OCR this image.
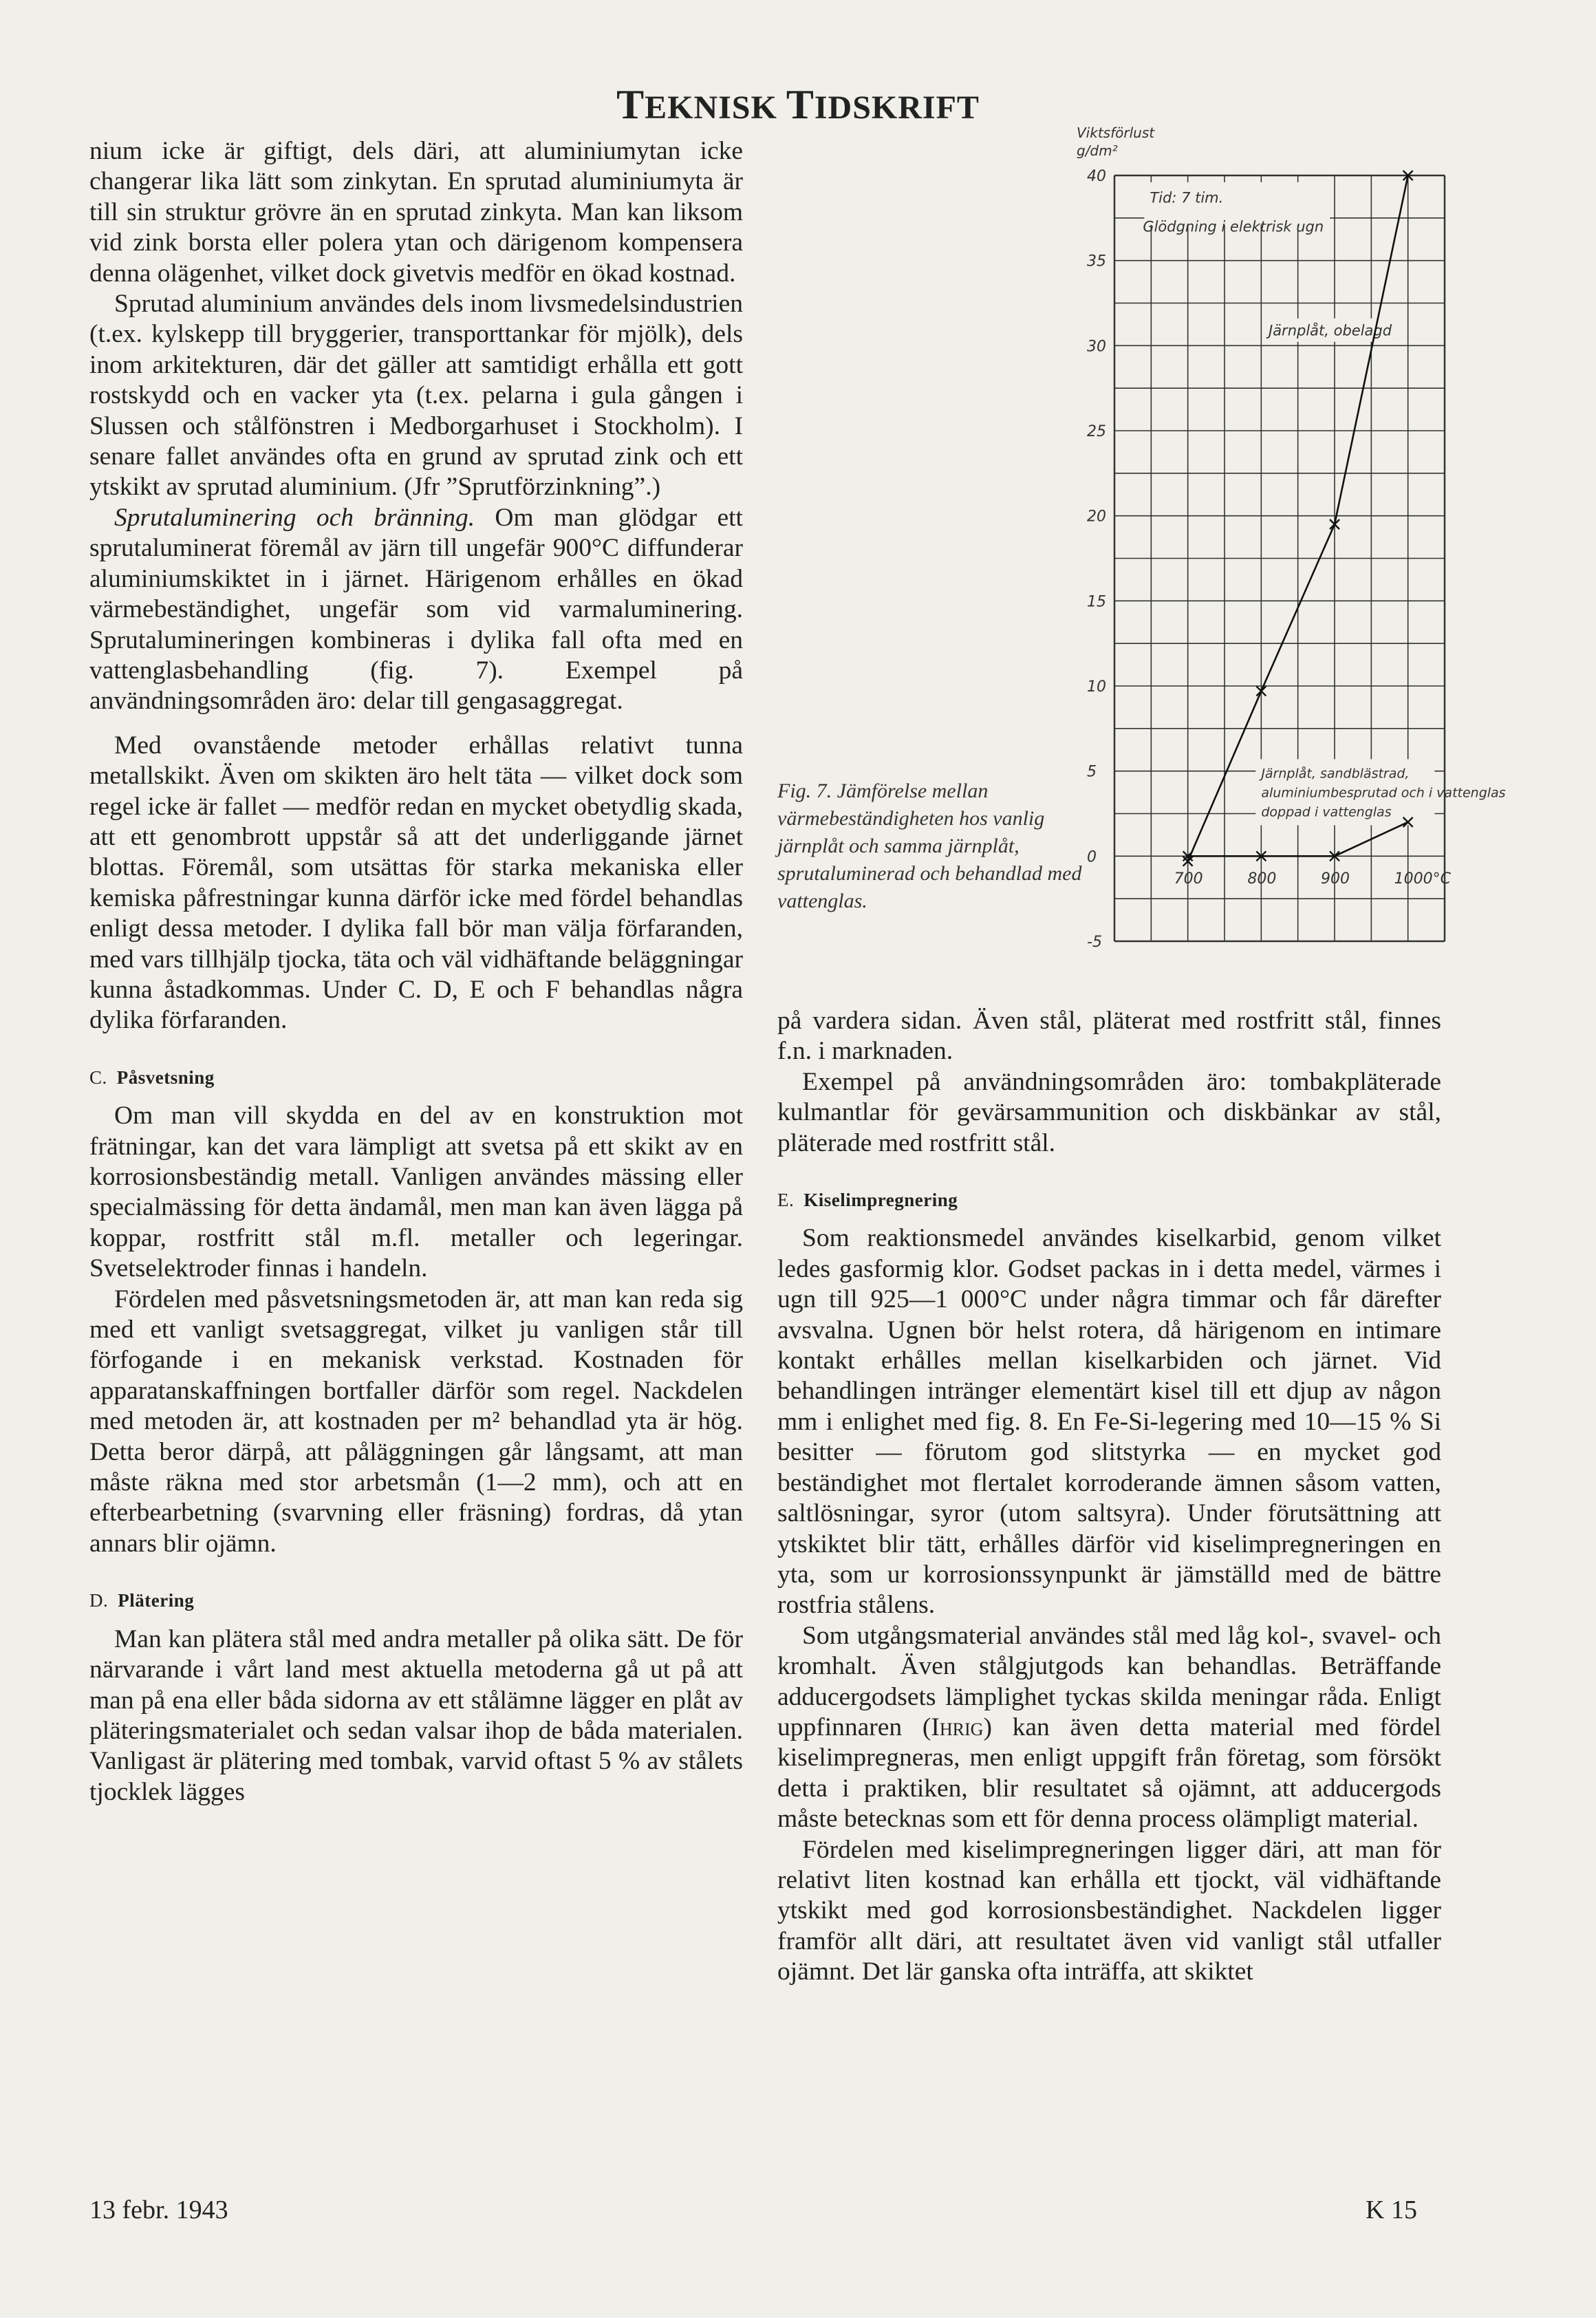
TEKNISK TIDSKRIFT

nium icke är giftigt, dels däri, att aluminiumytan icke changerar lika lätt som zinkytan. En sprutad aluminiumyta är till sin struktur grövre än en sprutad zinkyta. Man kan liksom vid zink borsta eller polera ytan och därigenom kompensera denna olägenhet, vilket dock givetvis medför en ökad kostnad.

Sprutad aluminium användes dels inom livsmedelsindustrien (t.ex. kylskepp till bryggerier, transporttankar för mjölk), dels inom arkitekturen, där det gäller att samtidigt erhålla ett gott rostskydd och en vacker yta (t.ex. pelarna i gula gången i Slussen och stålfönstren i Medborgarhuset i Stockholm). I senare fallet användes ofta en grund av sprutad zink och ett ytskikt av sprutad aluminium. (Jfr ”Sprutförzinkning”.)

Sprutaluminering och bränning. Om man glödgar ett sprutaluminerat föremål av järn till ungefär 900°C diffunderar aluminiumskiktet in i järnet. Härigenom erhålles en ökad värmebeständighet, ungefär som vid varmaluminering. Sprutalumineringen kombineras i dylika fall ofta med en vattenglasbehandling (fig. 7). Exempel på användningsområden äro: delar till gengasaggregat.

Med ovanstående metoder erhållas relativt tunna metallskikt. Även om skikten äro helt täta — vilket dock som regel icke är fallet — medför redan en mycket obetydlig skada, att ett genombrott uppstår så att det underliggande järnet blottas. Föremål, som utsättas för starka mekaniska eller kemiska påfrestningar kunna därför icke med fördel behandlas enligt dessa metoder. I dylika fall bör man välja förfaranden, med vars tillhjälp tjocka, täta och väl vidhäftande beläggningar kunna åstadkommas. Under C. D, E och F behandlas några dylika förfaranden.

C. Påsvetsning

Om man vill skydda en del av en konstruktion mot frätningar, kan det vara lämpligt att svetsa på ett skikt av en korrosionsbeständig metall. Vanligen användes mässing eller specialmässing för detta ändamål, men man kan även lägga på koppar, rostfritt stål m.fl. metaller och legeringar. Svetselektroder finnas i handeln.

Fördelen med påsvetsningsmetoden är, att man kan reda sig med ett vanligt svetsaggregat, vilket ju vanligen står till förfogande i en mekanisk verkstad. Kostnaden för apparatanskaffningen bortfaller därför som regel. Nackdelen med metoden är, att kostnaden per m² behandlad yta är hög. Detta beror därpå, att påläggningen går långsamt, att man måste räkna med stor arbetsmån (1—2 mm), och att en efterbearbetning (svarvning eller fräsning) fordras, då ytan annars blir ojämn.

D. Plätering

Man kan plätera stål med andra metaller på olika sätt. De för närvarande i vårt land mest aktuella metoderna gå ut på att man på ena eller båda sidorna av ett stålämne lägger en plåt av pläteringsmaterialet och sedan valsar ihop de båda materialen. Vanligast är plätering med tombak, varvid oftast 5 % av stålets tjocklek lägges

40
35
30
25
20
15
10
5
0
-5
700	800	900	1000°C
Viktsförlust
g/dm²
Tid: 7 tim.
Glödgning i elektrisk ugn
Järnplåt, obelagd
Järnplåt, sandblästrad,
aluminiumbesprutad och i vattenglas
doppad i vattenglas
Fig. 7. Jämförelse mellan värmebeständigheten hos vanlig järnplåt och samma järnplåt, sprutaluminerad och behandlad med vattenglas.

på vardera sidan. Även stål, pläterat med rostfritt stål, finnes f.n. i marknaden.

Exempel på användningsområden äro: tombakpläterade kulmantlar för gevärsammunition och diskbänkar av stål, pläterade med rostfritt stål.

E. Kiselimpregnering

Som reaktionsmedel användes kiselkarbid, genom vilket ledes gasformig klor. Godset packas in i detta medel, värmes i ugn till 925—1 000°C under några timmar och får därefter avsvalna. Ugnen bör helst rotera, då härigenom en intimare kontakt erhålles mellan kiselkarbiden och järnet. Vid behandlingen intränger elementärt kisel till ett djup av någon mm i enlighet med fig. 8. En Fe-Si-legering med 10—15 % Si besitter — förutom god slitstyrka — en mycket god beständighet mot flertalet korroderande ämnen såsom vatten, saltlösningar, syror (utom saltsyra). Under förutsättning att ytskiktet blir tätt, erhålles därför vid kiselimpregneringen en yta, som ur korrosionssynpunkt är jämställd med de bättre rostfria stålens.

Som utgångsmaterial användes stål med låg kol-, svavel- och kromhalt. Även stålgjutgods kan behandlas. Beträffande adducergodsets lämplighet tyckas skilda meningar råda. Enligt uppfinnaren (Ihrig) kan även detta material med fördel kiselimpregneras, men enligt uppgift från företag, som försökt detta i praktiken, blir resultatet så ojämnt, att adducergods måste betecknas som ett för denna process olämpligt material.

Fördelen med kiselimpregneringen ligger däri, att man för relativt liten kostnad kan erhålla ett tjockt, väl vidhäftande ytskikt med god korrosionsbeständighet. Nackdelen ligger framför allt däri, att resultatet även vid vanligt stål utfaller ojämnt. Det lär ganska ofta inträffa, att skiktet

13 febr. 1943	K 15
